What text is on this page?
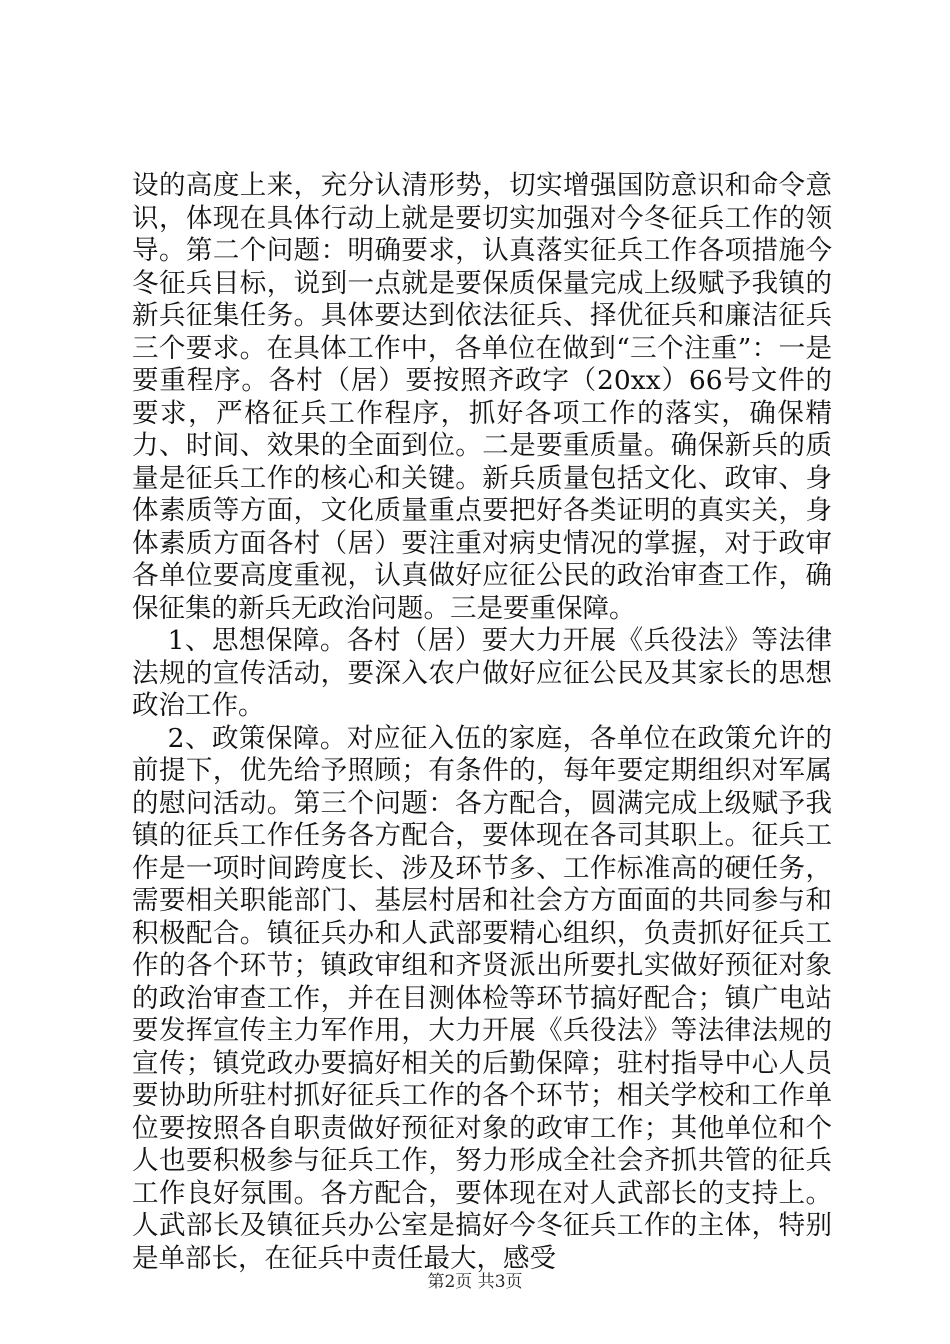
设的高度上来，充分认清形势，切实增强国防意识和命令意识，体现在具体行动上就是要切实加强对今冬征兵工作的领导。第二个问题：明确要求，认真落实征兵工作各项措施今冬征兵目标，说到一点就是要保质保量完成上级赋予我镇的新兵征集任务。具体要达到依法征兵、择优征兵和廉洁征兵三个要求。在具体工作中，各单位在做到“三个注重”：一是要重程序。各村（居）要按照齐政字（20xx）66号文件的要求，严格征兵工作程序，抓好各项工作的落实，确保精力、时间、效果的全面到位。二是要重质量。确保新兵的质量是征兵工作的核心和关键。新兵质量包括文化、政审、身体素质等方面，文化质量重点要把好各类证明的真实关，身体素质方面各村（居）要注重对病史情况的掌握，对于政审各单位要高度重视，认真做好应征公民的政治审查工作，确保征集的新兵无政治问题。三是要重保障。

1、思想保障。各村（居）要大力开展《兵役法》等法律法规的宣传活动，要深入农户做好应征公民及其家长的思想政治工作。

2、政策保障。对应征入伍的家庭，各单位在政策允许的前提下，优先给予照顾；有条件的，每年要定期组织对军属的慰问活动。第三个问题：各方配合，圆满完成上级赋予我镇的征兵工作任务各方配合，要体现在各司其职上。征兵工作是一项时间跨度长、涉及环节多、工作标准高的硬任务，需要相关职能部门、基层村居和社会方方面面的共同参与和积极配合。镇征兵办和人武部要精心组织，负责抓好征兵工作的各个环节；镇政审组和齐贤派出所要扎实做好预征对象的政治审查工作，并在目测体检等环节搞好配合；镇广电站要发挥宣传主力军作用，大力开展《兵役法》等法律法规的宣传；镇党政办要搞好相关的后勤保障；驻村指导中心人员要协助所驻村抓好征兵工作的各个环节；相关学校和工作单位要按照各自职责做好预征对象的政审工作；其他单位和个人也要积极参与征兵工作，努力形成全社会齐抓共管的征兵工作良好氛围。各方配合，要体现在对人武部长的支持上。人武部长及镇征兵办公室是搞好今冬征兵工作的主体，特别是单部长，在征兵中责任最大，感受

第2页 共3页
